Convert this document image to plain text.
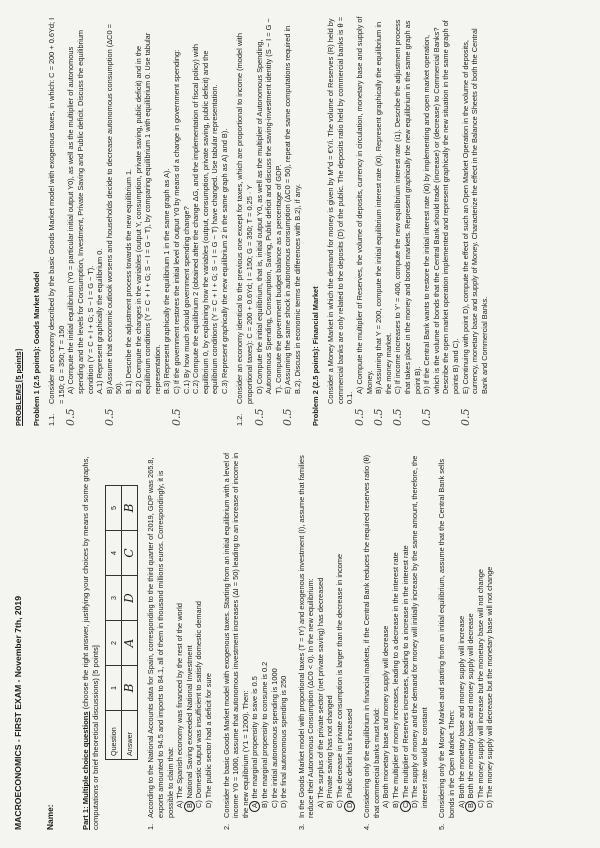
MACROECONOMICS - FIRST EXAM - November 7th, 2019	Name:	Part 1: Multiple choice questions (choose the right answer, justifying your choices by means of some graphs, computations or brief theoretical discussions) [5 points] Question	1	2	3	4	5
Answer	B	A	D	C	B
1.
According to the National Accounts data for Spain, corresponding to the third quarter of 2019, GDP was 265.8, exports amounted to 94.5 and imports to 84.1, all of them in thousand millions euros. Correspondingly, it is possible to claim that: A) The Spanish economy was financed by the rest of the world B) National Saving exceeded National Investment C) Domestic output was insufficient to satisfy domestic demand D) The public sector had a deficit for sure
2.
Consider the basic Goods Market model with exogenous taxes. Starting from an initial equilibrium with a level of income Y0 = 1000, assume that autonomous investment increases (ΔI = 50) leading to an increase of income in the new equilibrium (Y1 = 1200). Then: A) the marginal propensity to save is 0.5 B) the marginal propensity to consume is 0.2 C) the initial autonomous spending is 1000 D) the final autonomous spending is 250
3.
In the Goods Market model with proportional taxes (T = tY) and exogenous investment (I), assume that families reduce their Autonomous Consumption (ΔC0 < 0). In the new equilibrium: A) The surplus of the private sector (net private saving) has decreased B) Private saving has not changed C) The decrease in private consumption is larger than the decrease in income D) Public deficit has increased
4.
Considering only the equilibrium in financial markets, if the Central Bank reduces the required reserves ratio (θ) that commercial banks must hold: A) Both monetary base and money supply will decrease B) The multiplier of money increases, leading to a decrease in the interest rate C) The multiplier of Reserves increases, leading to a increase in the interest rate D) The supply of money and the demand for money will initially increase by the same amount, therefore, the interest rate would be constant
5.
Considering only the Money Market and starting from an initial equilibrium, assume that the Central Bank sells bonds in the Open Market. Then: A) Both the monetary base and money supply will increase B) Both the monetary base and money supply will decrease C) The money supply will increase but the monetary base will not change D) The money supply will decrease but the monetary base will not change
PROBLEMS [5 points] Problem 1 (2.5 points): Goods Market Model 1.1.
Consider an economy described by the basic Goods Market model with exogenous taxes, in which: C = 200 + 0.6Yd; I = 150; G = 350; T = 150
0.5
A) Compute the initial equilibrium (Y0 = particular initial output Y0), as well as the multiplier of autonomous spending and the levels for Consumption, Investment, Private Saving and Public deficit. Discuss the equilibrium condition (Y = C + I + G; S − I = G − T). A.1) Represent graphically the equilibrium 0.
0.5
B) Assume that economic outlook worsens and households decide to decrease autonomous consumption (ΔC0 = 50). B.1) Describe the adjustment process towards the new equilibrium 1. B.2) Compute the changes in the variables (output Y, consumption, private saving, public deficit) and in the equilibrium conditions (Y = C + I + G; S − I = G − T), by comparing equilibrium 1 with equilibrium 0. Use tabular representation. B.3) Represent graphically the equilibrium 1 in the same graph as A).
0.5
C) If the government restores the initial level of output Y0 by means of a change in government spending: C.1) By how much should government spending change? C.2) Compute the equilibrium 2 (obtained after the change ΔG, and the implementation of fiscal policy) with equilibrium 0, by explaining how the variables (output, consumption, private saving, public deficit) and the equilibrium conditions (Y = C + I + G; S − I = G − T) have changed. Use tabular representation. C.3) Represent graphically the new equilibrium 2 in the same graph as A) and B).
1.2.
Consider an economy identical to the previous one except for taxes, which are proportional to income (model with proportional taxes): C = 200 + 0.6Yd; I = 150; G = 350; T = 0.25 · Y
0.5
D) Compute the initial equilibrium, that is, initial output Y0, as well as the multiplier of Autonomous Spending, Autonomous Spending, Consumption, Saving, Public deficit and discuss the saving-investment identity (S − I = G − T). Compute the government budget balance as a percentage of GDP.
0.5
E) Assuming the same shock in autonomous consumption (ΔC0 = 50), repeat the same computations required in B.2). Discuss in economic terms the differences with B.2), if any. Problem 2 (2.5 points): Financial Market Consider a Money Market in which the demand for money is given by M^d = €Y/i. The volume of Reserves (R) held by commercial banks are only related to the deposits (D) of the public. The deposits ratio held by commercial banks is θ = 0.1.
0.5
A) Compute the multiplier of Reserves, the volume of deposits, currency in circulation, monetary base and supply of Money.
0.5
B) Assuming that Y = 200, compute the initial equilibrium interest rate (i0). Represent graphically the equilibrium in the money market.
0.5
C) If income increases to Y' = 400, compute the new equilibrium interest rate (i1). Describe the adjustment process that takes place in the money and bonds markets. Represent graphically the new equilibrium in the same graph as point B).
0.5
D) If the Central Bank wants to restore the initial interest rate (i0) by implementing and open market operation, which is the volume of bonds that the Central Bank should trade (increase) or (decrease) to Commercial Banks? Describe the open market operation implemented and represent graphically the new situation in the same graph of points B) and C).
0.5
E) Continuing with point D), compute the effect of such an Open Market Operation in the volume of deposits, currency, monetary base and supply of Money. Characterize the effect in the Balance Sheets of both the Central Bank and Commercial Banks.
